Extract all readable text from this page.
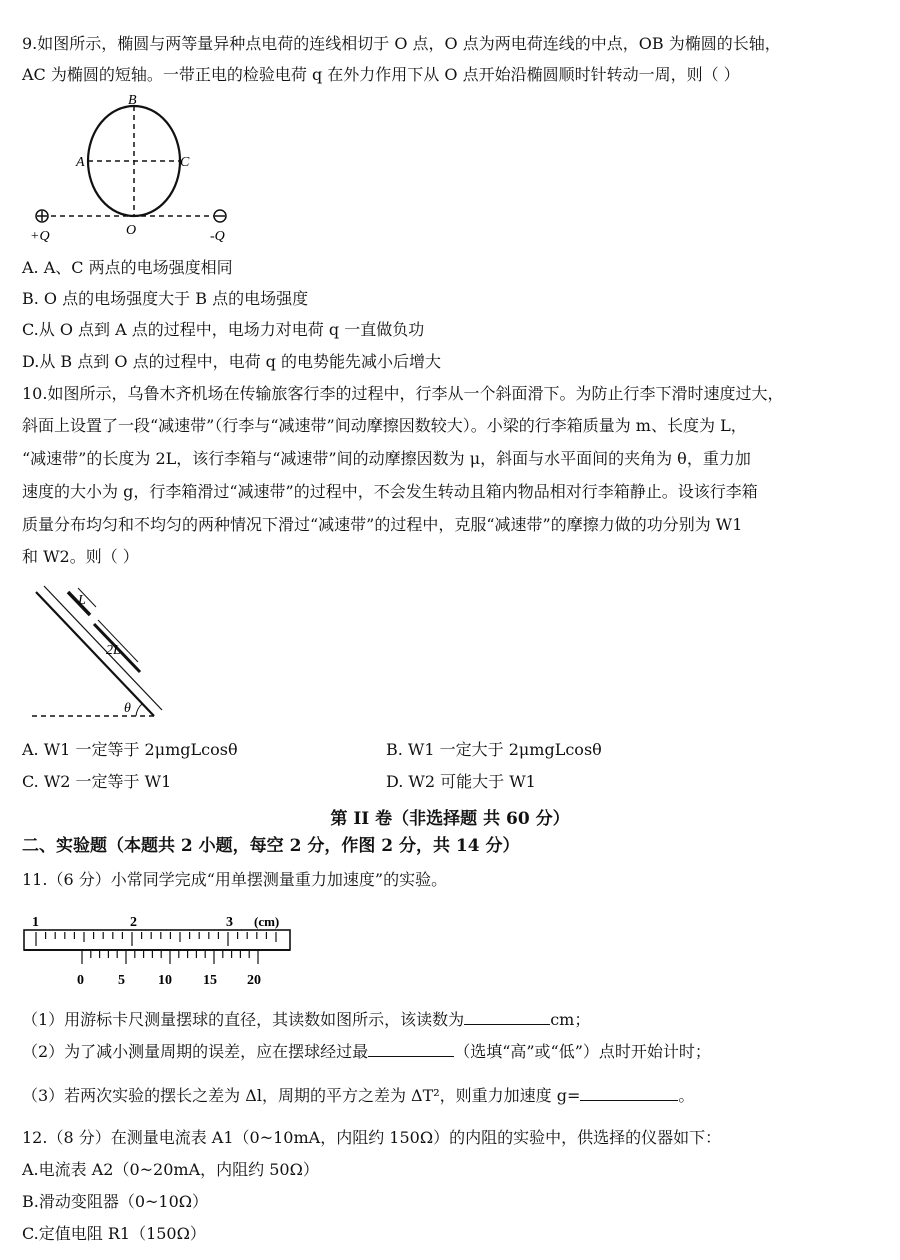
9.如图所示，椭圆与两等量异种点电荷的连线相切于 O 点，O 点为两电荷连线的中点，OB 为椭圆的长轴，
AC 为椭圆的短轴。一带正电的检验电荷 q 在外力作用下从 O 点开始沿椭圆顺时针转动一周，则（ ）
B
A	C
O
+Q	-Q
A. A、C 两点的电场强度相同
B. O 点的电场强度大于 B 点的电场强度
C.从 O 点到 A 点的过程中，电场力对电荷 q 一直做负功
D.从 B 点到 O 点的过程中，电荷 q 的电势能先减小后增大
10.如图所示，乌鲁木齐机场在传输旅客行李的过程中，行李从一个斜面滑下。为防止行李下滑时速度过大，
斜面上设置了一段“减速带”（行李与“减速带”间动摩擦因数较大）。小梁的行李箱质量为 m、长度为 L，
“减速带”的长度为 2L，该行李箱与“减速带”间的动摩擦因数为 μ，斜面与水平面间的夹角为 θ，重力加
速度的大小为 g，行李箱滑过“减速带”的过程中，不会发生转动且箱内物品相对行李箱静止。设该行李箱
质量分布均匀和不均匀的两种情况下滑过“减速带”的过程中，克服“减速带”的摩擦力做的功分别为 W1
和 W2。则（ ）
L
2L
θ
A. W1 一定等于 2μmgLcosθ	B. W1 一定大于 2μmgLcosθ
C. W2 一定等于 W1	D. W2 可能大于 W1
第 II 卷（非选择题 共 60 分）
二、实验题（本题共 2 小题，每空 2 分，作图 2 分，共 14 分）
11.（6 分）小常同学完成“用单摆测量重力加速度”的实验。
1	2	3 (cm)
0 5 10 15 20
（1）用游标卡尺测量摆球的直径，其读数如图所示，该读数为	cm；
（2）为了减小测量周期的误差，应在摆球经过最	（选填“高”或“低”）点时开始计时；
（3）若两次实验的摆长之差为 Δl，周期的平方之差为 ΔT²，则重力加速度 g=	。
12.（8 分）在测量电流表 A1（0~10mA，内阻约 150Ω）的内阻的实验中，供选择的仪器如下：
A.电流表 A2（0~20mA，内阻约 50Ω）
B.滑动变阻器（0~10Ω）
C.定值电阻 R1（150Ω）
